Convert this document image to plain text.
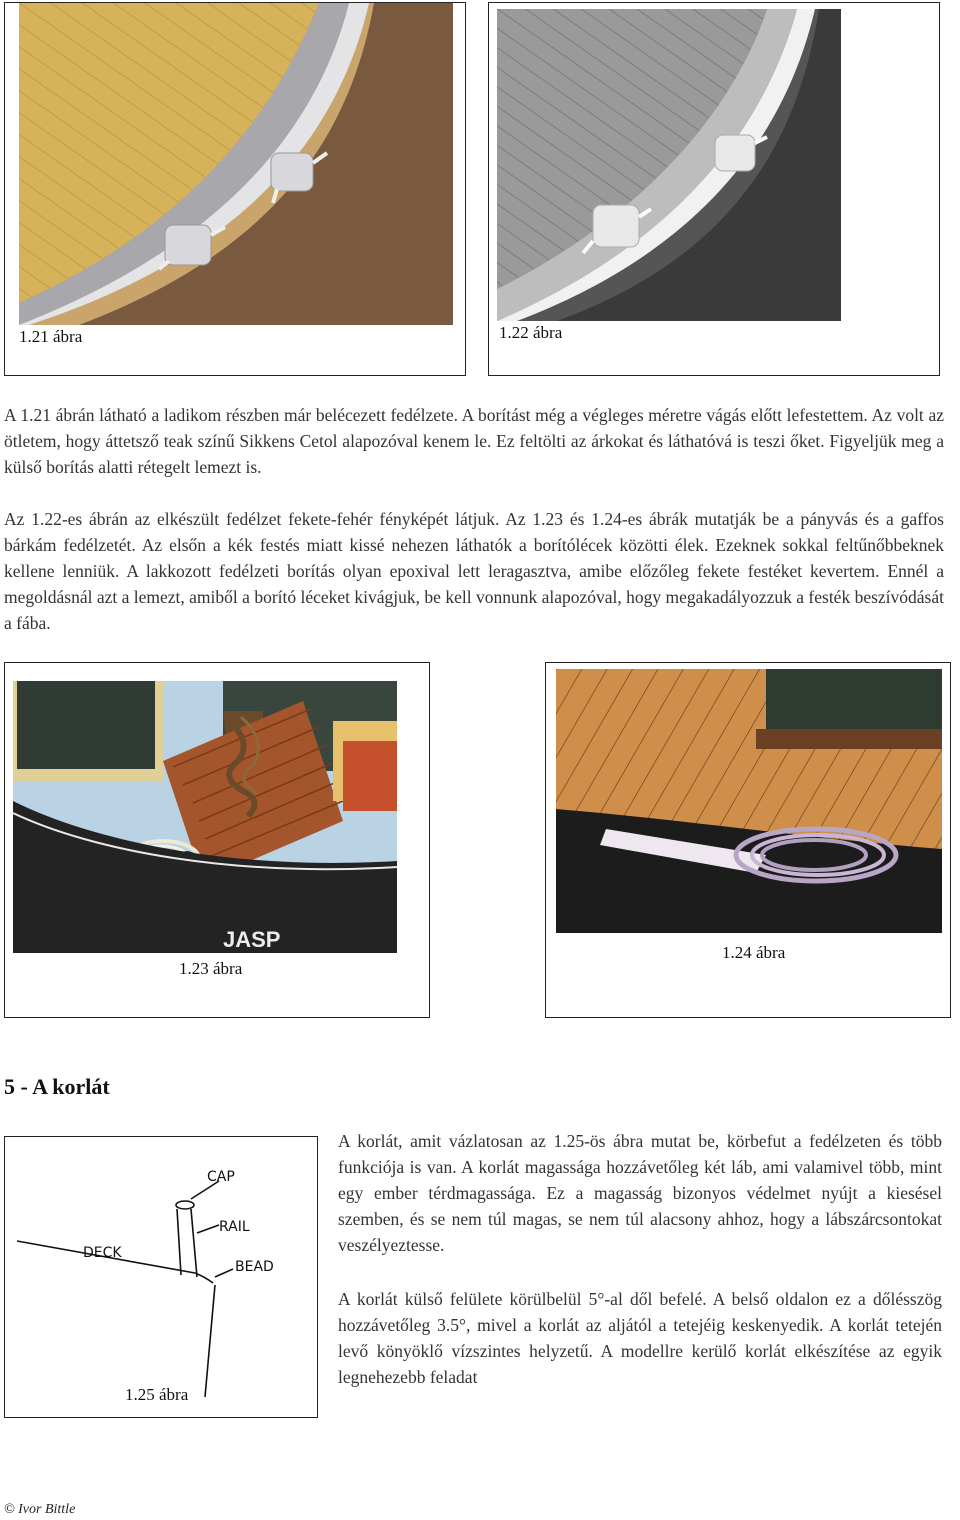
1.21 ábra	1.22 ábra

A 1.21 ábrán látható a ladikom részben már belécezett fedélzete. A borítást még a végleges méretre vágás előtt lefestettem. Az volt az ötletem, hogy áttetsző teak színű Sikkens Cetol alapozóval kenem le. Ez feltölti az árkokat és láthatóvá is teszi őket. Figyeljük meg a külső borítás alatti rétegelt lemezt is.

Az 1.22-es ábrán az elkészült fedélzet fekete-fehér fényképét látjuk. Az 1.23 és 1.24-es ábrák mutatják be a pányvás és a gaffos bárkám fedélzetét. Az elsőn a kék festés miatt kissé nehezen láthatók a borítólécek közötti élek. Ezeknek sokkal feltűnőbbeknek kellene lenniük. A lakkozott fedélzeti borítás olyan epoxival lett leragasztva, amibe előzőleg fekete festéket kevertem. Ennél a megoldásnál azt a lemezt, amiből a borító léceket kivágjuk, be kell vonnunk alapozóval, hogy megakadályozzuk a festék beszívódását a fába.

JASP
1.23 ábra
1.24 ábra
5 - A korlát
CAP
RAIL
DECK
BEAD
1.25 ábra

A korlát, amit vázlatosan az 1.25-ös ábra mutat be, körbefut a fedélzeten és több funkciója is van. A korlát magassága hozzávetőleg két láb, ami valamivel több, mint egy ember térdmagassága. Ez a magasság bizonyos védelmet nyújt a kiesésel szemben, és se nem túl magas, se nem túl alacsony ahhoz, hogy a lábszárcsontokat veszélyeztesse.

A korlát külső felülete körülbelül 5°-al dől befelé. A belső oldalon ez a dőlésszög hozzávetőleg 3.5°, mivel a korlát az aljától a tetejéig keskenyedik. A korlát tetején levő könyöklő vízszintes helyzetű. A modellre kerülő korlát elkészítése az egyik legnehezebb feladat

© Ivor Bittle
